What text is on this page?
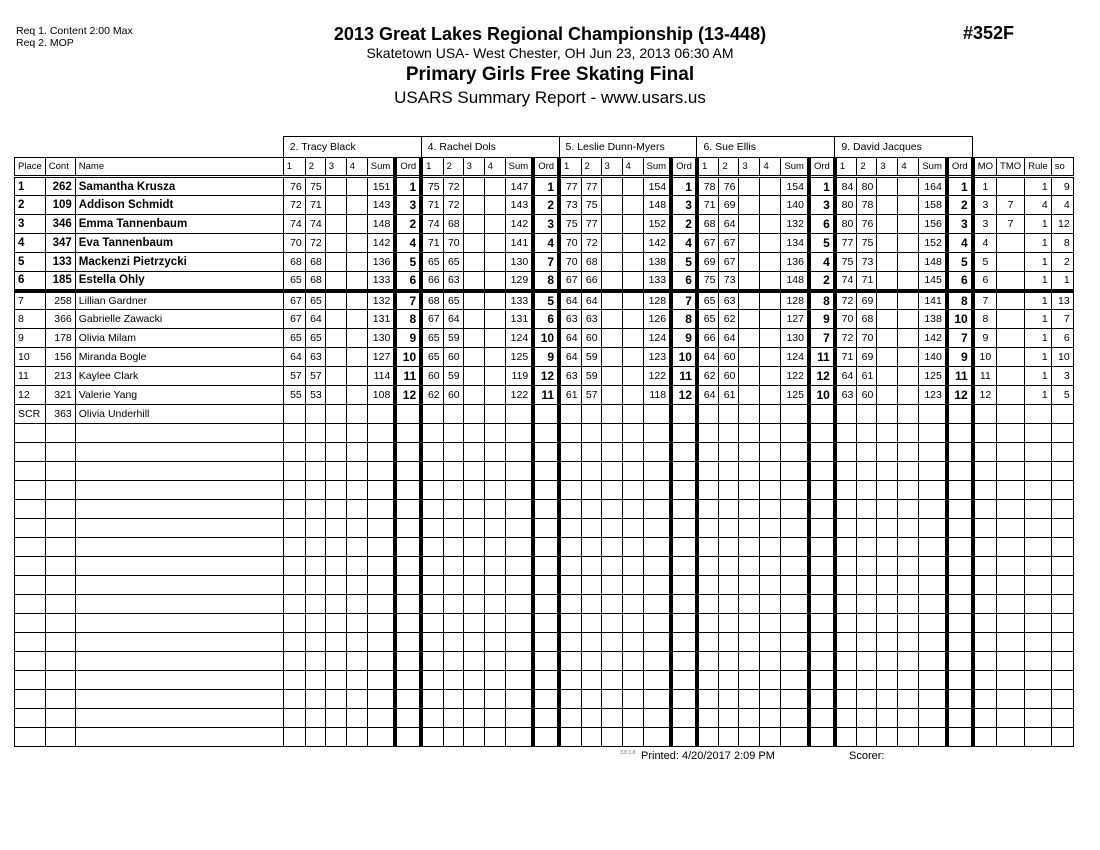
Req 1. Content 2:00 Max
Req 2. MOP	2013 Great Lakes Regional Championship (13-448)
Skatetown USA- West Chester, OH Jun 23, 2013 06:30 AM
Primary Girls Free Skating Final
USARS Summary Report - www.usars.us
#352F
			2. Tracy Black						4. Rachel Dols						5. Leslie Dunn-Myers						6. Sue Ellis						9. David Jacques									
Place	Cont	Name	1	2	3	4	Sum	Ord	1	2	3	4	Sum	Ord	1	2	3	4	Sum	Ord	1	2	3	4	Sum	Ord	1	2	3	4	Sum	Ord	MO	TMO	Rule	so
1	262	Samantha Krusza	76	75			151	1	75	72			147	1	77	77			154	1	78	76			154	1	84	80			164	1	1		1	9
2	109	Addison Schmidt	72	71			143	3	71	72			143	2	73	75			148	3	71	69			140	3	80	78			158	2	3	7	4	4
3	346	Emma Tannenbaum	74	74			148	2	74	68			142	3	75	77			152	2	68	64			132	6	80	76			156	3	3	7	1	12
4	347	Eva Tannenbaum	70	72			142	4	71	70			141	4	70	72			142	4	67	67			134	5	77	75			152	4	4		1	8
5	133	Mackenzi Pietrzycki	68	68			136	5	65	65			130	7	70	68			138	5	69	67			136	4	75	73			148	5	5		1	2
6	185	Estella Ohly	65	68			133	6	66	63			129	8	67	66			133	6	75	73			148	2	74	71			145	6	6		1	1
7	258	Lillian Gardner	67	65			132	7	68	65			133	5	64	64			128	7	65	63			128	8	72	69			141	8	7		1	13
8	366	Gabrielle Zawacki	67	64			131	8	67	64			131	6	63	63			126	8	65	62			127	9	70	68			138	10	8		1	7
9	178	Olivia Milam	65	65			130	9	65	59			124	10	64	60			124	9	66	64			130	7	72	70			142	7	9		1	6
10	156	Miranda Bogle	64	63			127	10	65	60			125	9	64	59			123	10	64	60			124	11	71	69			140	9	10		1	10
11	213	Kaylee Clark	57	57			114	11	60	59			119	12	63	59			122	11	62	60			122	12	64	61			125	11	11		1	3
12	321	Valerie Yang	55	53			108	12	62	60			122	11	61	57			118	12	64	61			125	10	63	60			123	12	12		1	5
SCR	363	Olivia Underhill																																		

3.8.1.8 Printed: 4/20/2017 2:09 PM	Scorer:
